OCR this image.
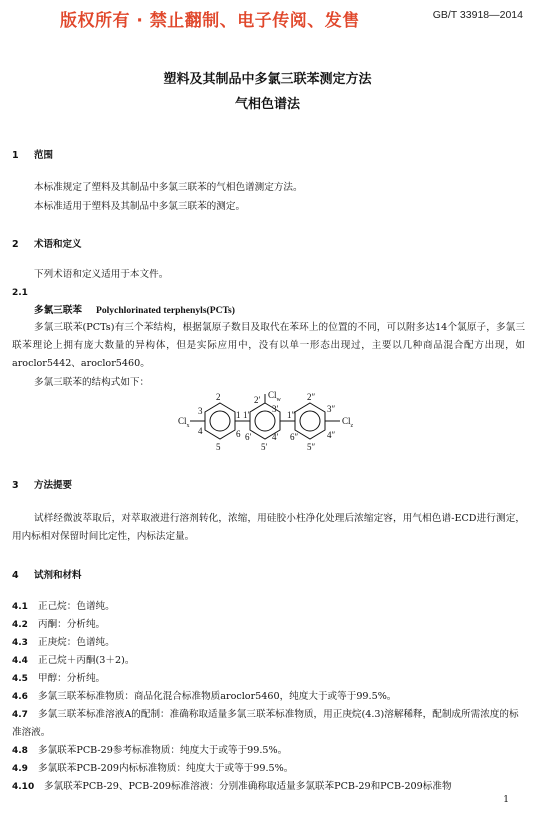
版权所有 · 禁止翻制、电子传阅、发售	GB/T 33918—2014
塑料及其制品中多氯三联苯测定方法
气相色谱法
1 范围
本标准规定了塑料及其制品中多氯三联苯的气相色谱测定方法。
本标准适用于塑料及其制品中多氯三联苯的测定。
2 术语和定义
下列术语和定义适用于本文件。
2.1
多氯三联苯 Polychlorinated terphenyls(PCTs)
多氯三联苯(PCTs)有三个苯结构，根据氯原子数目及取代在苯环上的位置的不同，可以附多达14个氯原子，多氯三联苯理论上拥有庞大数量的异构体，但是实际应用中，没有以单一形态出现过，主要以几种商品混合配方出现，如aroclor5442、aroclor5460。
多氯三联苯的结构式如下：
$Cl_x$
$Cl_w$
$Cl_z$
2
3
4
5
6
1 1′
2′
3′
4′
5′
6′
1″
2″
3″
4″
5″
6″
3 方法提要
试样经微波萃取后，对萃取液进行溶剂转化，浓缩，用硅胶小柱净化处理后浓缩定容，用气相色谱-ECD进行测定，用内标相对保留时间比定性，内标法定量。
4 试剂和材料
4.1 正己烷：色谱纯。
4.2 丙酮：分析纯。
4.3 正庚烷：色谱纯。
4.4 正己烷＋丙酮(3＋2)。
4.5 甲醇：分析纯。
4.6 多氯三联苯标准物质：商品化混合标准物质aroclor5460，纯度大于或等于99.5%。
4.7 多氯三联苯标准溶液A的配制：准确称取适量多氯三联苯标准物质，用正庚烷(4.3)溶解稀释，配制成所需浓度的标准溶液。
4.8 多氯联苯PCB-29参考标准物质：纯度大于或等于99.5%。
4.9 多氯联苯PCB-209内标标准物质：纯度大于或等于99.5%。
4.10 多氯联苯PCB-29、PCB-209标准溶液：分别准确称取适量多氯联苯PCB-29和PCB-209标准物
1
